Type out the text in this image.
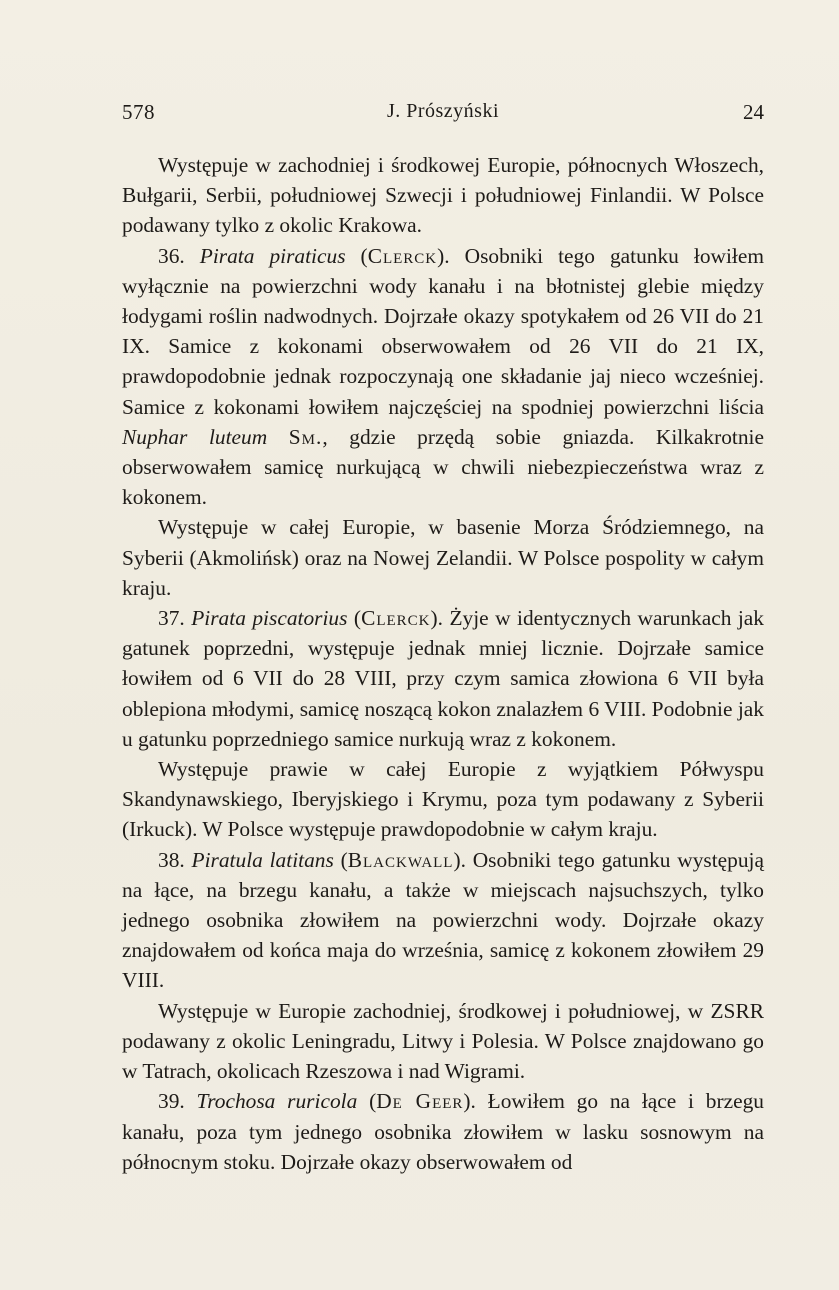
578	J. Prószyński	24

Występuje w zachodniej i środkowej Europie, północnych Włoszech, Bułgarii, Serbii, południowej Szwecji i południowej Finlandii. W Polsce podawany tylko z okolic Krakowa.

36. Pirata piraticus (Clerck). Osobniki tego gatunku łowiłem wyłącznie na powierzchni wody kanału i na błotnistej glebie między łodygami roślin nadwodnych. Dojrzałe okazy spotykałem od 26 VII do 21 IX. Samice z kokonami obserwowałem od 26 VII do 21 IX, prawdopodobnie jednak rozpoczynają one składanie jaj nieco wcześniej. Samice z kokonami łowiłem najczęściej na spodniej powierzchni liścia Nuphar luteum Sm., gdzie przędą sobie gniazda. Kilkakrotnie obserwowałem samicę nurkującą w chwili niebezpieczeństwa wraz z kokonem.

Występuje w całej Europie, w basenie Morza Śródziemnego, na Syberii (Akmolińsk) oraz na Nowej Zelandii. W Polsce pospolity w całym kraju.

37. Pirata piscatorius (Clerck). Żyje w identycznych warunkach jak gatunek poprzedni, występuje jednak mniej licznie. Dojrzałe samice łowiłem od 6 VII do 28 VIII, przy czym samica złowiona 6 VII była oblepiona młodymi, samicę noszącą kokon znalazłem 6 VIII. Podobnie jak u gatunku poprzedniego samice nurkują wraz z kokonem.

Występuje prawie w całej Europie z wyjątkiem Półwyspu Skandynawskiego, Iberyjskiego i Krymu, poza tym podawany z Syberii (Irkuck). W Polsce występuje prawdopodobnie w całym kraju.

38. Piratula latitans (Blackwall). Osobniki tego gatunku występują na łące, na brzegu kanału, a także w miejscach najsuchszych, tylko jednego osobnika złowiłem na powierzchni wody. Dojrzałe okazy znajdowałem od końca maja do września, samicę z kokonem złowiłem 29 VIII.

Występuje w Europie zachodniej, środkowej i południowej, w ZSRR podawany z okolic Leningradu, Litwy i Polesia. W Polsce znajdowano go w Tatrach, okolicach Rzeszowa i nad Wigrami.

39. Trochosa ruricola (De Geer). Łowiłem go na łące i brzegu kanału, poza tym jednego osobnika złowiłem w lasku sosnowym na północnym stoku. Dojrzałe okazy obserwowałem od
